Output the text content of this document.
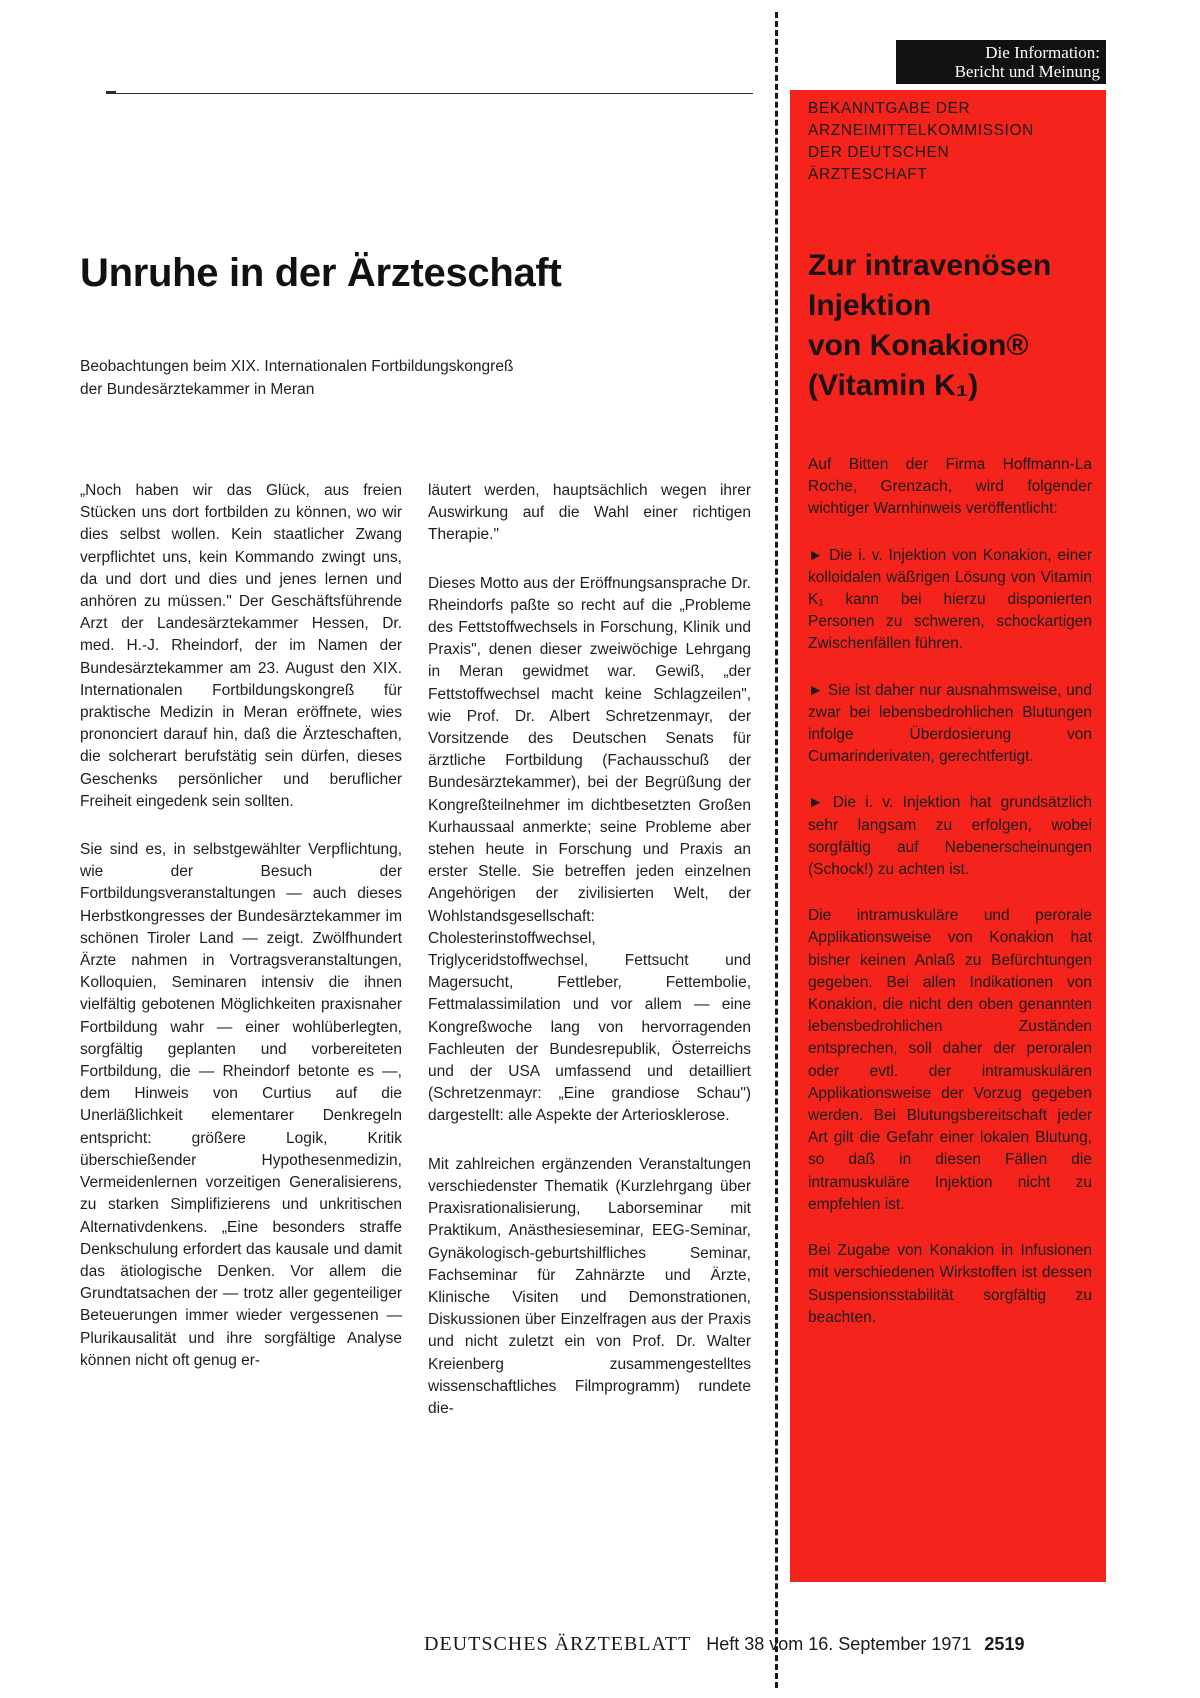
Die Information:
Bericht und Meinung
Unruhe in der Ärzteschaft
Beobachtungen beim XIX. Internationalen Fortbildungskongreß
der Bundesärztekammer in Meran

„Noch haben wir das Glück, aus freien Stücken uns dort fortbilden zu können, wo wir dies selbst wollen. Kein staatlicher Zwang verpflichtet uns, kein Kommando zwingt uns, da und dort und dies und jenes lernen und anhören zu müssen." Der Geschäftsführende Arzt der Landesärztekammer Hessen, Dr. med. H.-J. Rheindorf, der im Namen der Bundesärztekammer am 23. August den XIX. Internationalen Fortbildungskongreß für praktische Medizin in Meran eröffnete, wies prononciert darauf hin, daß die Ärzteschaften, die solcherart berufstätig sein dürfen, dieses Geschenks persönlicher und beruflicher Freiheit eingedenk sein sollten.

Sie sind es, in selbstgewählter Verpflichtung, wie der Besuch der Fortbildungsveranstaltungen — auch dieses Herbstkongresses der Bundesärztekammer im schönen Tiroler Land — zeigt. Zwölfhundert Ärzte nahmen in Vortragsveranstaltungen, Kolloquien, Seminaren intensiv die ihnen vielfältig gebotenen Möglichkeiten praxisnaher Fortbildung wahr — einer wohlüberlegten, sorgfältig geplanten und vorbereiteten Fortbildung, die — Rheindorf betonte es —, dem Hinweis von Curtius auf die Unerläßlichkeit elementarer Denkregeln entspricht: größere Logik, Kritik überschießender Hypothesenmedizin, Vermeidenlernen vorzeitigen Generalisierens, zu starken Simplifizierens und unkritischen Alternativdenkens. „Eine besonders straffe Denkschulung erfordert das kausale und damit das ätiologische Denken. Vor allem die Grundtatsachen der — trotz aller gegenteiliger Beteuerungen immer wieder vergessenen — Plurikausalität und ihre sorgfältige Analyse können nicht oft genug er-

läutert werden, hauptsächlich wegen ihrer Auswirkung auf die Wahl einer richtigen Therapie."

Dieses Motto aus der Eröffnungsansprache Dr. Rheindorfs paßte so recht auf die „Probleme des Fettstoffwechsels in Forschung, Klinik und Praxis", denen dieser zweiwöchige Lehrgang in Meran gewidmet war. Gewiß, „der Fettstoffwechsel macht keine Schlagzeilen", wie Prof. Dr. Albert Schretzenmayr, der Vorsitzende des Deutschen Senats für ärztliche Fortbildung (Fachausschuß der Bundesärztekammer), bei der Begrüßung der Kongreßteilnehmer im dichtbesetzten Großen Kurhaussaal anmerkte; seine Probleme aber stehen heute in Forschung und Praxis an erster Stelle. Sie betreffen jeden einzelnen Angehörigen der zivilisierten Welt, der Wohlstandsgesellschaft: Cholesterinstoffwechsel, Triglyceridstoffwechsel, Fettsucht und Magersucht, Fettleber, Fettembolie, Fettmalassimilation und vor allem — eine Kongreßwoche lang von hervorragenden Fachleuten der Bundesrepublik, Österreichs und der USA umfassend und detailliert (Schretzenmayr: „Eine grandiose Schau") dargestellt: alle Aspekte der Arteriosklerose.

Mit zahlreichen ergänzenden Veranstaltungen verschiedenster Thematik (Kurzlehrgang über Praxisrationalisierung, Laborseminar mit Praktikum, Anästhesieseminar, EEG-Seminar, Gynäkologisch-geburtshilfliches Seminar, Fachseminar für Zahnärzte und Ärzte, Klinische Visiten und Demonstrationen, Diskussionen über Einzelfragen aus der Praxis und nicht zuletzt ein von Prof. Dr. Walter Kreienberg zusammengestelltes wissenschaftliches Filmprogramm) rundete die-

BEKANNTGABE DER
ARZNEIMITTELKOMMISSION
DER DEUTSCHEN
ÄRZTESCHAFT
Zur intravenösen
Injektion
von Konakion®
(Vitamin K₁)

Auf Bitten der Firma Hoffmann-La Roche, Grenzach, wird folgender wichtiger Warnhinweis veröffentlicht:

► Die i. v. Injektion von Konakion, einer kolloidalen wäßrigen Lösung von Vitamin K₁ kann bei hierzu disponierten Personen zu schweren, schockartigen Zwischenfällen führen.

► Sie ist daher nur ausnahmsweise, und zwar bei lebensbedrohlichen Blutungen infolge Überdosierung von Cumarinderivaten, gerechtfertigt.

► Die i. v. Injektion hat grundsätzlich sehr langsam zu erfolgen, wobei sorgfältig auf Nebenerscheinungen (Schock!) zu achten ist.

Die intramuskuläre und perorale Applikationsweise von Konakion hat bisher keinen Anlaß zu Befürchtungen gegeben. Bei allen Indikationen von Konakion, die nicht den oben genannten lebensbedrohlichen Zuständen entsprechen, soll daher der peroralen oder evtl. der intramuskulären Applikationsweise der Vorzug gegeben werden. Bei Blutungsbereitschaft jeder Art gilt die Gefahr einer lokalen Blutung, so daß in diesen Fällen die intramuskuläre Injektion nicht zu empfehlen ist.

Bei Zugabe von Konakion in Infusionen mit verschiedenen Wirkstoffen ist dessen Suspensionsstabilität sorgfältig zu beachten.

DEUTSCHES ÄRZTEBLATT Heft 38 vom 16. September 1971 2519
